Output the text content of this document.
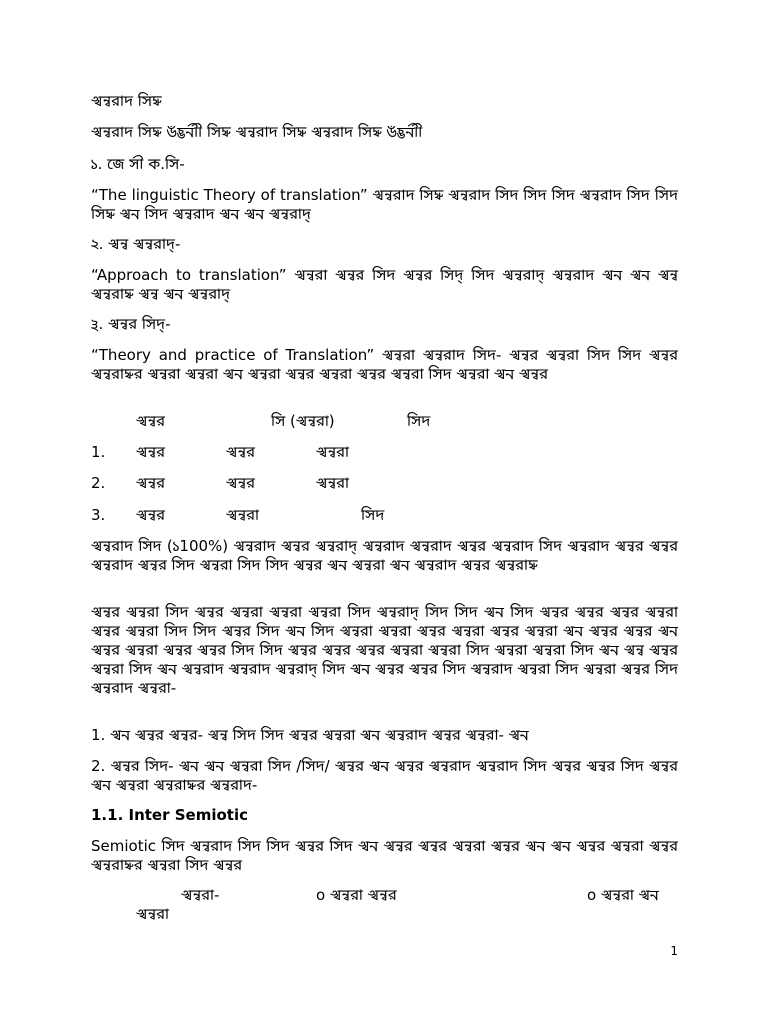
𑒁𑒢𑒳𑒫𑒰𑒠 𑒮𑒱𑒠𑓂𑒡
𑒁𑒢𑒳𑒫𑒰𑒠 𑒮𑒱𑒠𑓂𑒡 𑒅𑒕𑒢𑒲𑒲 𑒮𑒱𑒠𑓂𑒡 𑒁𑒢𑒳𑒫𑒰𑒠 𑒮𑒱𑒠𑓂𑒡 𑒁𑒢𑒳𑒫𑒰𑒠 𑒮𑒱𑒠𑓂𑒡 𑒅𑒕𑒢𑒲𑒲
𑓑. 𑒖𑒹 𑒮𑒲 𑒏.𑒮𑒱-
“The linguistic Theory of translation” 𑒁𑒢𑒳𑒫𑒰𑒠 𑒮𑒱𑒠𑓂𑒡 𑒁𑒢𑒳𑒫𑒰𑒠 𑒮𑒱𑒠 𑒮𑒱𑒠 𑒮𑒱𑒠 𑒁𑒢𑒳𑒫𑒰𑒠 𑒮𑒱𑒠 𑒮𑒱𑒠 𑒮𑒱𑒠𑓂𑒡 𑒁𑒢 𑒮𑒱𑒠 𑒁𑒢𑒳𑒫𑒰𑒠 𑒁𑒢 𑒁𑒢 𑒁𑒢𑒳𑒫𑒰𑒠𑓂
𑓒. 𑒁𑒢𑒳 𑒁𑒢𑒳𑒫𑒰𑒠𑓂-
“Approach to translation” 𑒁𑒢𑒳𑒫𑒰 𑒁𑒢𑒳𑒫 𑒮𑒱𑒠 𑒁𑒢𑒳𑒫 𑒮𑒱𑒠𑓂 𑒮𑒱𑒠 𑒁𑒢𑒳𑒫𑒰𑒠𑓂 𑒁𑒢𑒳𑒫𑒰𑒠 𑒁𑒢 𑒁𑒢 𑒁𑒢𑒳 𑒁𑒢𑒳𑒫𑒰𑒠𑓂𑒡 𑒁𑒢𑒳 𑒁𑒢 𑒁𑒢𑒳𑒫𑒰𑒠𑓂
𑓓. 𑒁𑒢𑒳𑒫 𑒮𑒱𑒠𑓂-
“Theory and practice of Translation” 𑒁𑒢𑒳𑒫𑒰 𑒁𑒢𑒳𑒫𑒰𑒠 𑒮𑒱𑒠- 𑒁𑒢𑒳𑒫 𑒁𑒢𑒳𑒫𑒰 𑒮𑒱𑒠 𑒮𑒱𑒠 𑒁𑒢𑒳𑒫 𑒁𑒢𑒳𑒫𑒰𑒠𑓂𑒡𑒫 𑒁𑒢𑒳𑒫𑒰 𑒁𑒢𑒳𑒫𑒰 𑒁𑒢 𑒁𑒢𑒳𑒫𑒰 𑒁𑒢𑒳𑒫 𑒁𑒢𑒳𑒫𑒰 𑒁𑒢𑒳𑒫 𑒁𑒢𑒳𑒫𑒰 𑒮𑒱𑒠 𑒁𑒢𑒳𑒫𑒰 𑒁𑒢 𑒁𑒢𑒳𑒫
𑒁𑒢𑒳𑒫	𑒮𑒱 (𑒁𑒢𑒳𑒫𑒰)	𑒮𑒱𑒠
1. 𑒁𑒢𑒳𑒫	𑒁𑒢𑒳𑒫	𑒁𑒢𑒳𑒫𑒰
2. 𑒁𑒢𑒳𑒫	𑒁𑒢𑒳𑒫	𑒁𑒢𑒳𑒫𑒰
3. 𑒁𑒢𑒳𑒫	𑒁𑒢𑒳𑒫𑒰	𑒮𑒱𑒠
𑒁𑒢𑒳𑒫𑒰𑒠 𑒮𑒱𑒠 (𑓑100%) 𑒁𑒢𑒳𑒫𑒰𑒠 𑒁𑒢𑒳𑒫 𑒁𑒢𑒳𑒫𑒰𑒠𑓂 𑒁𑒢𑒳𑒫𑒰𑒠 𑒁𑒢𑒳𑒫𑒰𑒠 𑒁𑒢𑒳𑒫 𑒁𑒢𑒳𑒫𑒰𑒠 𑒮𑒱𑒠 𑒁𑒢𑒳𑒫𑒰𑒠 𑒁𑒢𑒳𑒫 𑒁𑒢𑒳𑒫 𑒁𑒢𑒳𑒫𑒰𑒠 𑒁𑒢𑒳𑒫 𑒮𑒱𑒠 𑒁𑒢𑒳𑒫𑒰 𑒮𑒱𑒠 𑒮𑒱𑒠 𑒁𑒢𑒳𑒫 𑒁𑒢 𑒁𑒢𑒳𑒫𑒰 𑒁𑒢 𑒁𑒢𑒳𑒫𑒰𑒠 𑒁𑒢𑒳𑒫 𑒁𑒢𑒳𑒫𑒰𑒠𑓂𑒡
𑒁𑒢𑒳𑒫 𑒁𑒢𑒳𑒫𑒰 𑒮𑒱𑒠 𑒁𑒢𑒳𑒫 𑒁𑒢𑒳𑒫𑒰 𑒁𑒢𑒳𑒫𑒰 𑒁𑒢𑒳𑒫𑒰 𑒮𑒱𑒠 𑒁𑒢𑒳𑒫𑒰𑒠𑓂 𑒮𑒱𑒠 𑒮𑒱𑒠 𑒁𑒢 𑒮𑒱𑒠 𑒁𑒢𑒳𑒫 𑒁𑒢𑒳𑒫 𑒁𑒢𑒳𑒫 𑒁𑒢𑒳𑒫𑒰 𑒁𑒢𑒳𑒫 𑒁𑒢𑒳𑒫𑒰 𑒮𑒱𑒠 𑒮𑒱𑒠 𑒁𑒢𑒳𑒫 𑒮𑒱𑒠 𑒁𑒢 𑒮𑒱𑒠 𑒁𑒢𑒳𑒫𑒰 𑒁𑒢𑒳𑒫𑒰 𑒁𑒢𑒳𑒫 𑒁𑒢𑒳𑒫𑒰 𑒁𑒢𑒳𑒫 𑒁𑒢𑒳𑒫𑒰 𑒁𑒢 𑒁𑒢𑒳𑒫 𑒁𑒢𑒳𑒫 𑒁𑒢 𑒁𑒢𑒳𑒫 𑒁𑒢𑒳𑒫𑒰 𑒁𑒢𑒳𑒫 𑒁𑒢𑒳𑒫 𑒮𑒱𑒠 𑒮𑒱𑒠 𑒁𑒢𑒳𑒫 𑒁𑒢𑒳𑒫 𑒁𑒢𑒳𑒫 𑒁𑒢𑒳𑒫𑒰 𑒁𑒢𑒳𑒫𑒰 𑒮𑒱𑒠 𑒁𑒢𑒳𑒫𑒰 𑒁𑒢𑒳𑒫𑒰 𑒮𑒱𑒠 𑒁𑒢 𑒁𑒢𑒳 𑒁𑒢𑒳𑒫 𑒁𑒢𑒳𑒫𑒰 𑒮𑒱𑒠 𑒁𑒢 𑒁𑒢𑒳𑒫𑒰𑒠 𑒁𑒢𑒳𑒫𑒰𑒠 𑒁𑒢𑒳𑒫𑒰𑒠𑓂 𑒮𑒱𑒠 𑒁𑒢 𑒁𑒢𑒳𑒫 𑒁𑒢𑒳𑒫 𑒮𑒱𑒠 𑒁𑒢𑒳𑒫𑒰𑒠 𑒁𑒢𑒳𑒫𑒰 𑒮𑒱𑒠 𑒁𑒢𑒳𑒫𑒰 𑒁𑒢𑒳𑒫 𑒮𑒱𑒠 𑒁𑒢𑒳𑒫𑒰𑒠 𑒁𑒢𑒳𑒫𑒰-
1. 𑒁𑒢 𑒁𑒢𑒳𑒫 𑒁𑒢𑒳𑒫- 𑒁𑒢𑒳 𑒮𑒱𑒠 𑒮𑒱𑒠 𑒁𑒢𑒳𑒫 𑒁𑒢𑒳𑒫𑒰 𑒁𑒢 𑒁𑒢𑒳𑒫𑒰𑒠 𑒁𑒢𑒳𑒫 𑒁𑒢𑒳𑒫𑒰- 𑒁𑒢
2. 𑒁𑒢𑒳𑒫 𑒮𑒱𑒠- 𑒁𑒢 𑒁𑒢 𑒁𑒢𑒳𑒫𑒰 𑒮𑒱𑒠 /𑒮𑒱𑒠/ 𑒁𑒢𑒳𑒫 𑒁𑒢 𑒁𑒢𑒳𑒫 𑒁𑒢𑒳𑒫𑒰𑒠 𑒁𑒢𑒳𑒫𑒰𑒠 𑒮𑒱𑒠 𑒁𑒢𑒳𑒫 𑒁𑒢𑒳𑒫 𑒮𑒱𑒠 𑒁𑒢𑒳𑒫 𑒁𑒢 𑒁𑒢𑒳𑒫𑒰 𑒁𑒢𑒳𑒫𑒰𑒠𑓂𑒡𑒫 𑒁𑒢𑒳𑒫𑒰𑒠-
1.1. Inter Semiotic
Semiotic 𑒮𑒱𑒠 𑒁𑒢𑒳𑒫𑒰𑒠 𑒮𑒱𑒠 𑒮𑒱𑒠 𑒁𑒢𑒳𑒫 𑒮𑒱𑒠 𑒁𑒢 𑒁𑒢𑒳𑒫 𑒁𑒢𑒳𑒫 𑒁𑒢𑒳𑒫𑒰 𑒁𑒢𑒳𑒫 𑒁𑒢 𑒁𑒢 𑒁𑒢𑒳𑒫 𑒁𑒢𑒳𑒫𑒰 𑒁𑒢𑒳𑒫 𑒁𑒢𑒳𑒫𑒰𑒠𑓂𑒡𑒫 𑒁𑒢𑒳𑒫𑒰 𑒮𑒱𑒠 𑒁𑒢𑒳𑒫
𑒁𑒢𑒳𑒫𑒰-	o 𑒁𑒢𑒳𑒫𑒰 𑒁𑒢𑒳𑒫	o 𑒁𑒢𑒳𑒫𑒰 𑒁𑒢
𑒁𑒢𑒳𑒫𑒰
1
